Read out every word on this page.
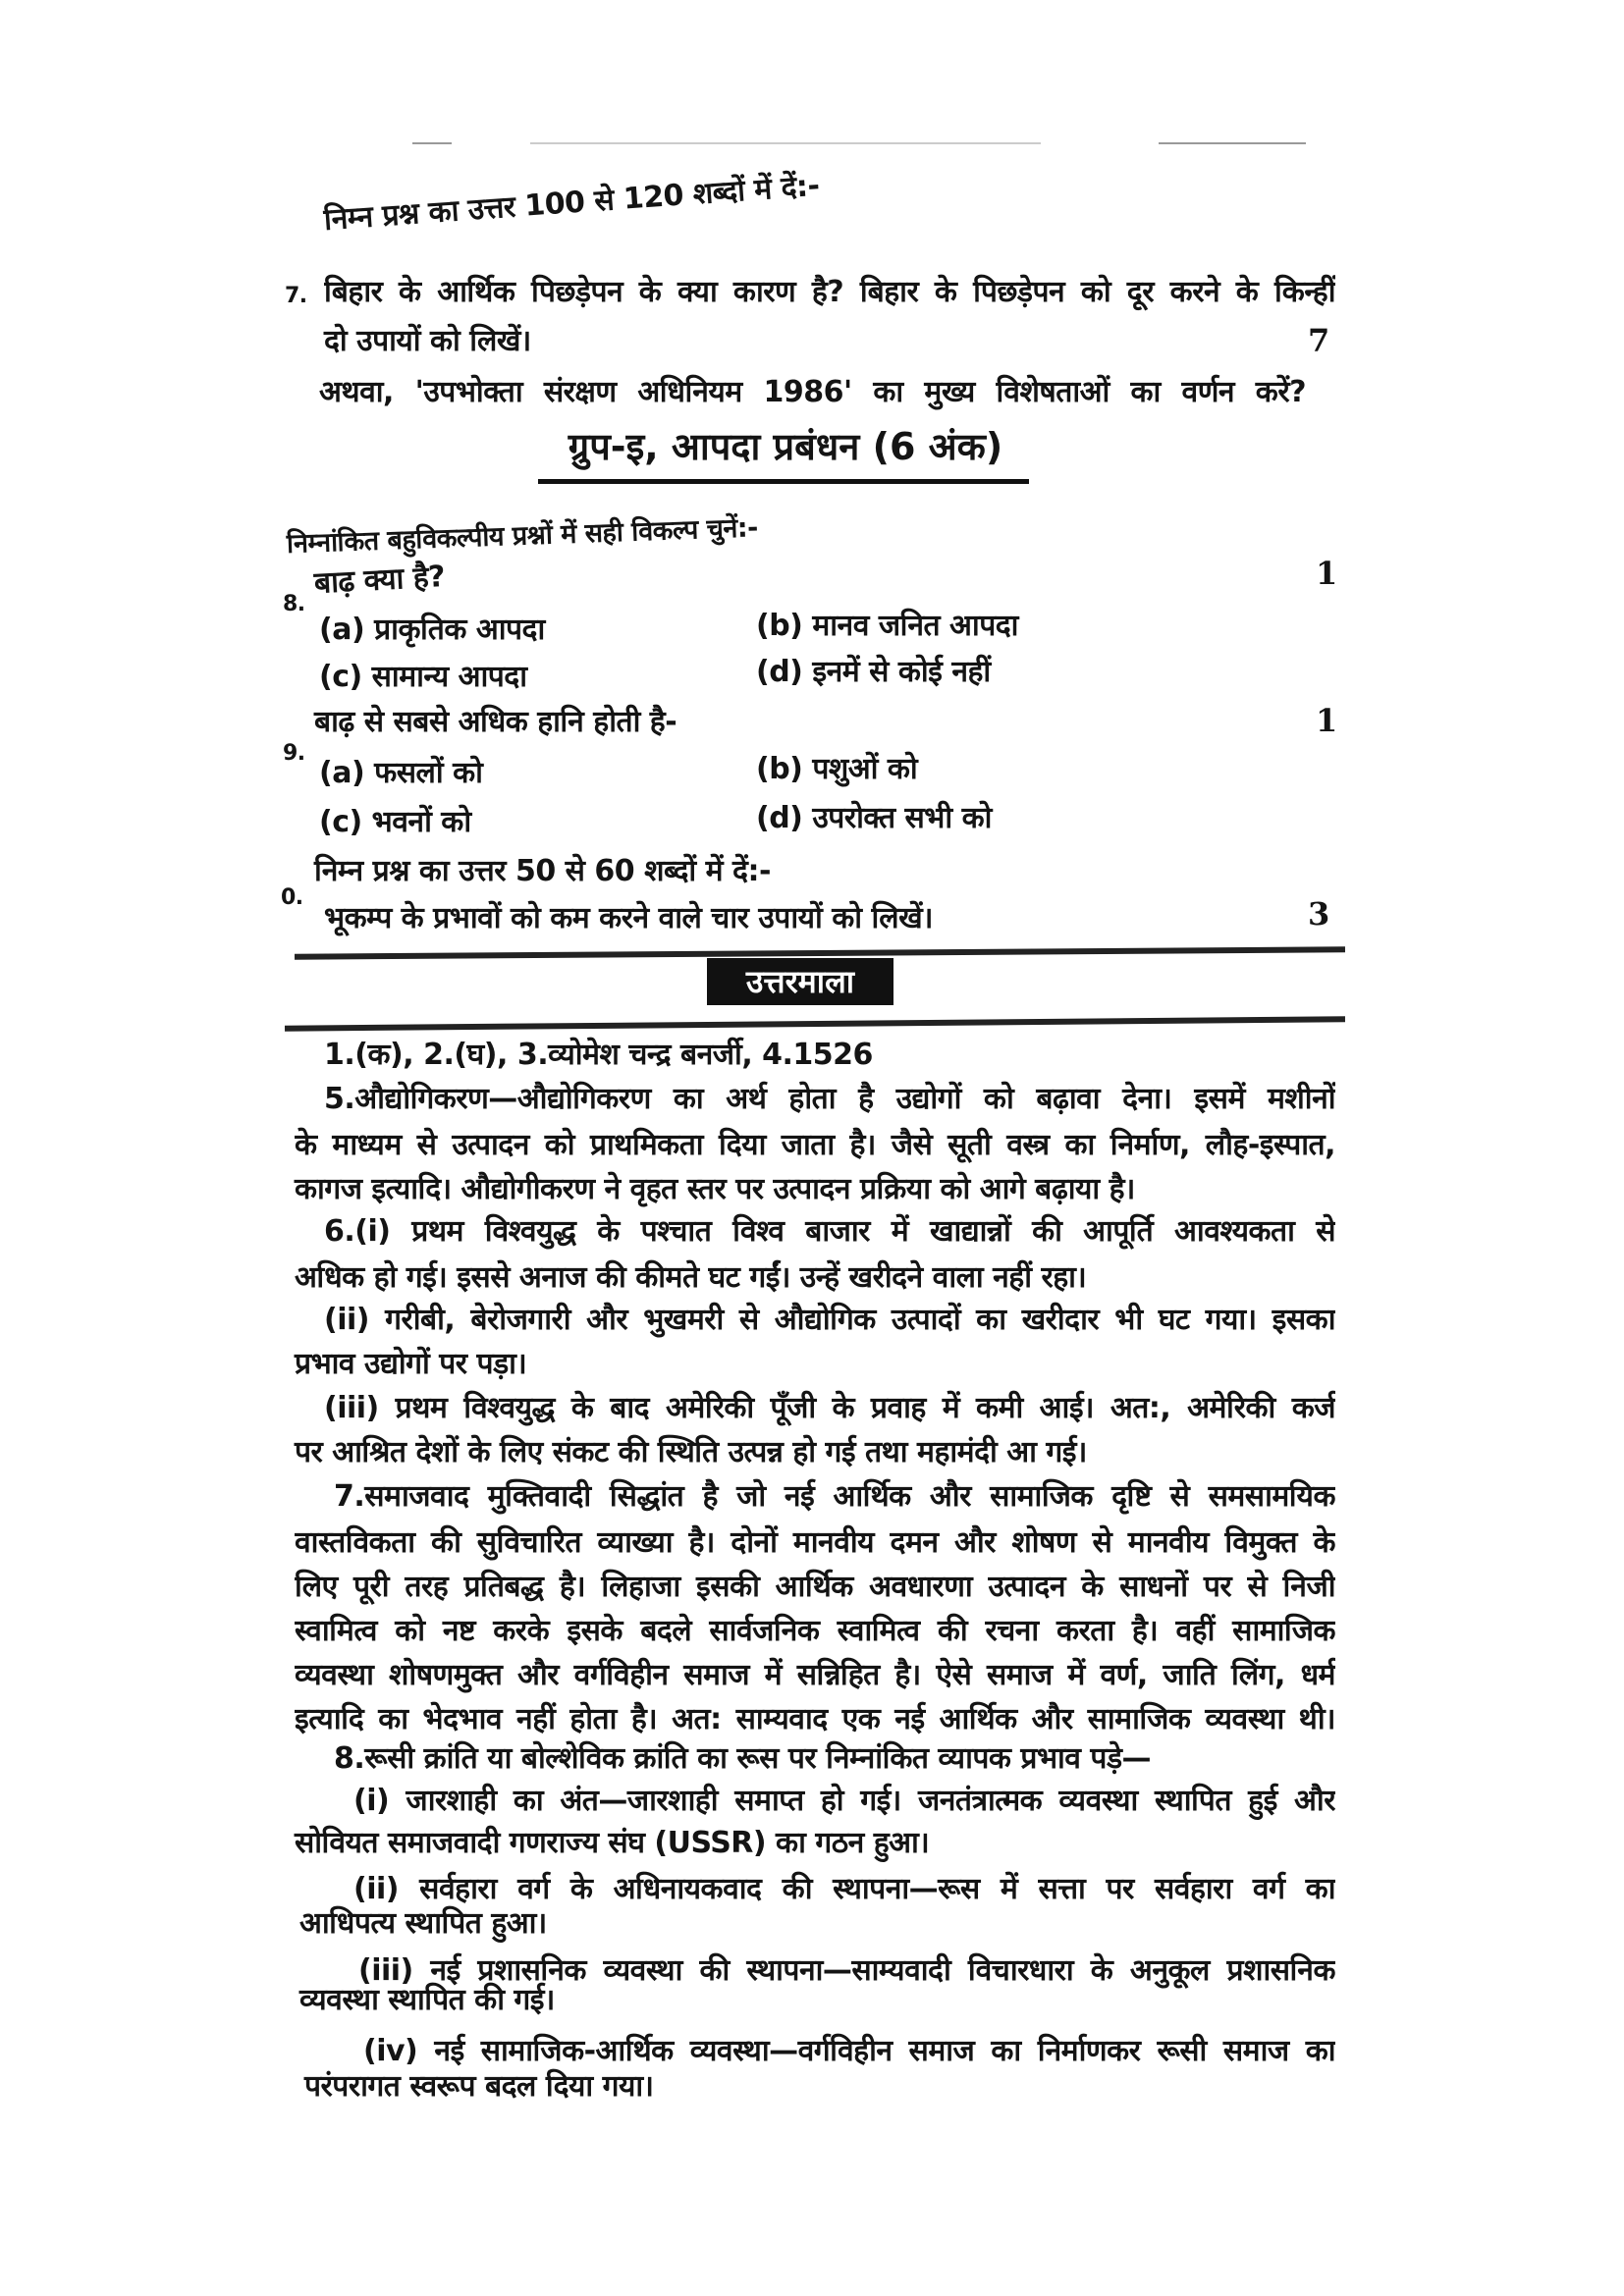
निम्न प्रश्न का उत्तर 100 से 120 शब्दों में दें:-
7. बिहार के आर्थिक पिछड़ेपन के क्या कारण है? बिहार के पिछड़ेपन को दूर करने के किन्हीं
दो उपायों को लिखें।	7
अथवा, 'उपभोक्ता संरक्षण अधिनियम 1986' का मुख्य विशेषताओं का वर्णन करें?
ग्रुप-इ, आपदा प्रबंधन (6 अंक)
निम्नांकित बहुविकल्पीय प्रश्नों में सही विकल्प चुनें:-
8.
बाढ़ क्या है?	1
(a) प्राकृतिक आपदा	(b) मानव जनित आपदा
(c) सामान्य आपदा	(d) इनमें से कोई नहीं
9.
बाढ़ से सबसे अधिक हानि होती है-	1
(a) फसलों को	(b) पशुओं को
(c) भवनों को	(d) उपरोक्त सभी को
0.
निम्न प्रश्न का उत्तर 50 से 60 शब्दों में दें:-
भूकम्प के प्रभावों को कम करने वाले चार उपायों को लिखें।	3
उत्तरमाला
1.(क), 2.(घ), 3.व्योमेश चन्द्र बनर्जी, 4.1526
5.औद्योगिकरण—औद्योगिकरण का अर्थ होता है उद्योगों को बढ़ावा देना। इसमें मशीनों
के माध्यम से उत्पादन को प्राथमिकता दिया जाता है। जैसे सूती वस्त्र का निर्माण, लौह-इस्पात,
कागज इत्यादि। औद्योगीकरण ने वृहत स्तर पर उत्पादन प्रक्रिया को आगे बढ़ाया है।
6.(i) प्रथम विश्वयुद्ध के पश्चात विश्व बाजार में खाद्यान्नों की आपूर्ति आवश्यकता से
अधिक हो गई। इससे अनाज की कीमते घट गईं। उन्हें खरीदने वाला नहीं रहा।
(ii) गरीबी, बेरोजगारी और भुखमरी से औद्योगिक उत्पादों का खरीदार भी घट गया। इसका
प्रभाव उद्योगों पर पड़ा।
(iii) प्रथम विश्वयुद्ध के बाद अमेरिकी पूँजी के प्रवाह में कमी आई। अत:, अमेरिकी कर्ज
पर आश्रित देशों के लिए संकट की स्थिति उत्पन्न हो गई तथा महामंदी आ गई।
7.समाजवाद मुक्तिवादी सिद्धांत है जो नई आर्थिक और सामाजिक दृष्टि से समसामयिक
वास्तविकता की सुविचारित व्याख्या है। दोनों मानवीय दमन और शोषण से मानवीय विमुक्त के
लिए पूरी तरह प्रतिबद्ध है। लिहाजा इसकी आर्थिक अवधारणा उत्पादन के साधनों पर से निजी
स्वामित्व को नष्ट करके इसके बदले सार्वजनिक स्वामित्व की रचना करता है। वहीं सामाजिक
व्यवस्था शोषणमुक्त और वर्गविहीन समाज में सन्निहित है। ऐसे समाज में वर्ण, जाति लिंग, धर्म
इत्यादि का भेदभाव नहीं होता है। अत: साम्यवाद एक नई आर्थिक और सामाजिक व्यवस्था थी।
8.रूसी क्रांति या बोल्शेविक क्रांति का रूस पर निम्नांकित व्यापक प्रभाव पड़े—
(i) जारशाही का अंत—जारशाही समाप्त हो गई। जनतंत्रात्मक व्यवस्था स्थापित हुई और
सोवियत समाजवादी गणराज्य संघ (USSR) का गठन हुआ।
(ii) सर्वहारा वर्ग के अधिनायकवाद की स्थापना—रूस में सत्ता पर सर्वहारा वर्ग का
आधिपत्य स्थापित हुआ।
(iii) नई प्रशासनिक व्यवस्था की स्थापना—साम्यवादी विचारधारा के अनुकूल प्रशासनिक
व्यवस्था स्थापित की गई।
(iv) नई सामाजिक-आर्थिक व्यवस्था—वर्गविहीन समाज का निर्माणकर रूसी समाज का
परंपरागत स्वरूप बदल दिया गया।
